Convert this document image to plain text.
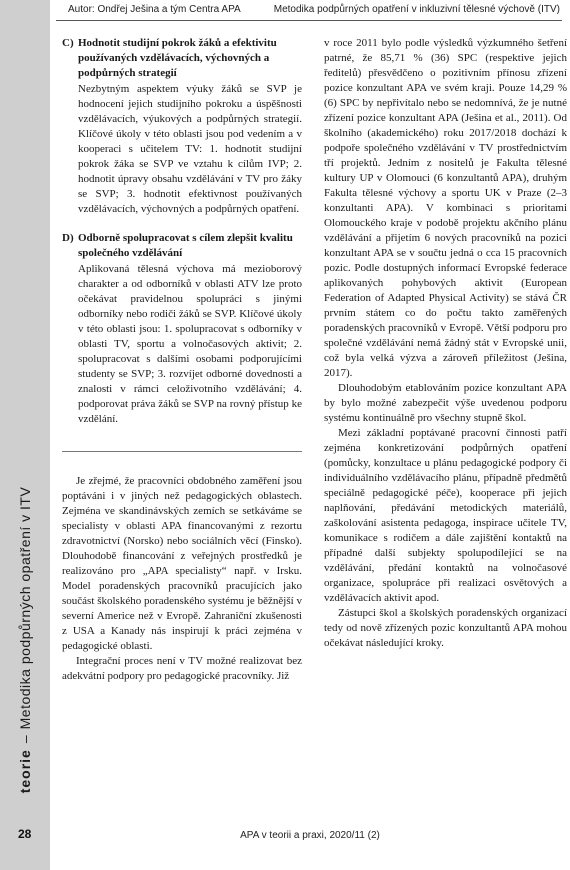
teorie–Metodika podpůrných opatření v ITV
28
Autor: Ondřej Ješina a tým Centra APA	Metodika podpůrných opatření v inkluzivní tělesné výchově (ITV)
C) Hodnotit studijní pokrok žáků a efektivitu používaných vzdělávacích, výchovných a podpůrných strategií

Nezbytným aspektem výuky žáků se SVP je hodnocení jejich studijního pokroku a úspěšnosti vzdělávacích, výukových a podpůrných strategií. Klíčové úkoly v této oblasti jsou pod vedením a v kooperaci s učitelem TV: 1. hodnotit studijní pokrok žáka se SVP ve vztahu k cílům IVP; 2. hodnotit úpravy obsahu vzdělávání v TV pro žáky se SVP; 3. hodnotit efektivnost používaných vzdělávacích, výchovných a podpůrných opatření.

D) Odborně spolupracovat s cílem zlepšit kvalitu společného vzdělávání

Aplikovaná tělesná výchova má mezioborový charakter a od odborníků v oblasti ATV lze proto očekávat pravidelnou spolupráci s jinými odborníky nebo rodiči žáků se SVP. Klíčové úkoly v této oblasti jsou: 1. spolupracovat s odborníky v oblasti TV, sportu a volnočasových aktivit; 2. spolupracovat s dalšími osobami podporujícími studenty se SVP; 3. rozvíjet odborné dovednosti a znalosti v rámci celoživotního vzdělávání; 4. podporovat práva žáků se SVP na rovný přístup ke vzdělání.

Je zřejmé, že pracovníci obdobného zaměření jsou poptáváni i v jiných než pedagogických oblastech. Zejména ve skandinávských zemích se setkáváme se specialisty v oblasti APA financovanými z rezortu zdravotnictví (Norsko) nebo sociálních věcí (Finsko). Dlouhodobě financování z veřejných prostředků je realizováno pro „APA specialisty“ např. v Irsku. Model poradenských pracovníků pracujících jako součást školského poradenského systému je běžnější v severní Americe než v Evropě. Zahraniční zkušenosti z USA a Kanady nás inspirují k práci zejména v pedagogické oblasti.

Integrační proces není v TV možné realizovat bez adekvátní podpory pro pedagogické pracovníky. Již

v roce 2011 bylo podle výsledků výzkumného šetření patrné, že 85,71 % (36) SPC (respektive jejich ředitelů) přesvědčeno o pozitivním přínosu zřízení pozice konzultant APA ve svém kraji. Pouze 14,29 % (6) SPC by nepřivítalo nebo se nedomnívá, že je nutné zřízení pozice konzultant APA (Ješina et al., 2011). Od školního (akademického) roku 2017/2018 dochází k podpoře společného vzdělávání v TV prostřednictvím tří projektů. Jedním z nositelů je Fakulta tělesné kultury UP v Olomouci (6 konzultantů APA), druhým Fakulta tělesné výchovy a sportu UK v Praze (2–3 konzultanti APA). V kombinaci s prioritami Olomouckého kraje v podobě projektu akčního plánu vzdělávání a přijetím 6 nových pracovníků na pozici konzultant APA se v součtu jedná o cca 15 pracovních pozic. Podle dostupných informací Evropské federace aplikovaných pohybových aktivit (European Federation of Adapted Physical Activity) se stává ČR prvním státem co do počtu takto zaměřených poradenských pracovníků v Evropě. Větší podporu pro společné vzdělávání nemá žádný stát v Evropské unii, což byla velká výzva a zároveň příležitost (Ješina, 2017).

Dlouhodobým etablováním pozice konzultant APA by bylo možné zabezpečit výše uvedenou podporu systému kontinuálně pro všechny stupně škol.

Mezi základní poptávané pracovní činnosti patří zejména konkretizování podpůrných opatření (pomůcky, konzultace u plánu pedagogické podpory či individuálního vzdělávacího plánu, případně předmětů speciálně pedagogické péče), kooperace při jejich naplňování, předávání metodických materiálů, zaškolování asistenta pedagoga, inspirace učitele TV, komunikace s rodičem a dále zajištění kontaktů na případné další subjekty spolupodílející se na vzdělávání, předání kontaktů na volnočasové organizace, spolupráce při realizaci osvětových a vzdělávacích aktivit apod.

Zástupci škol a školských poradenských organizací tedy od nově zřízených pozic konzultantů APA mohou očekávat následující kroky.

APA v teorii a praxi, 2020/11 (2)
